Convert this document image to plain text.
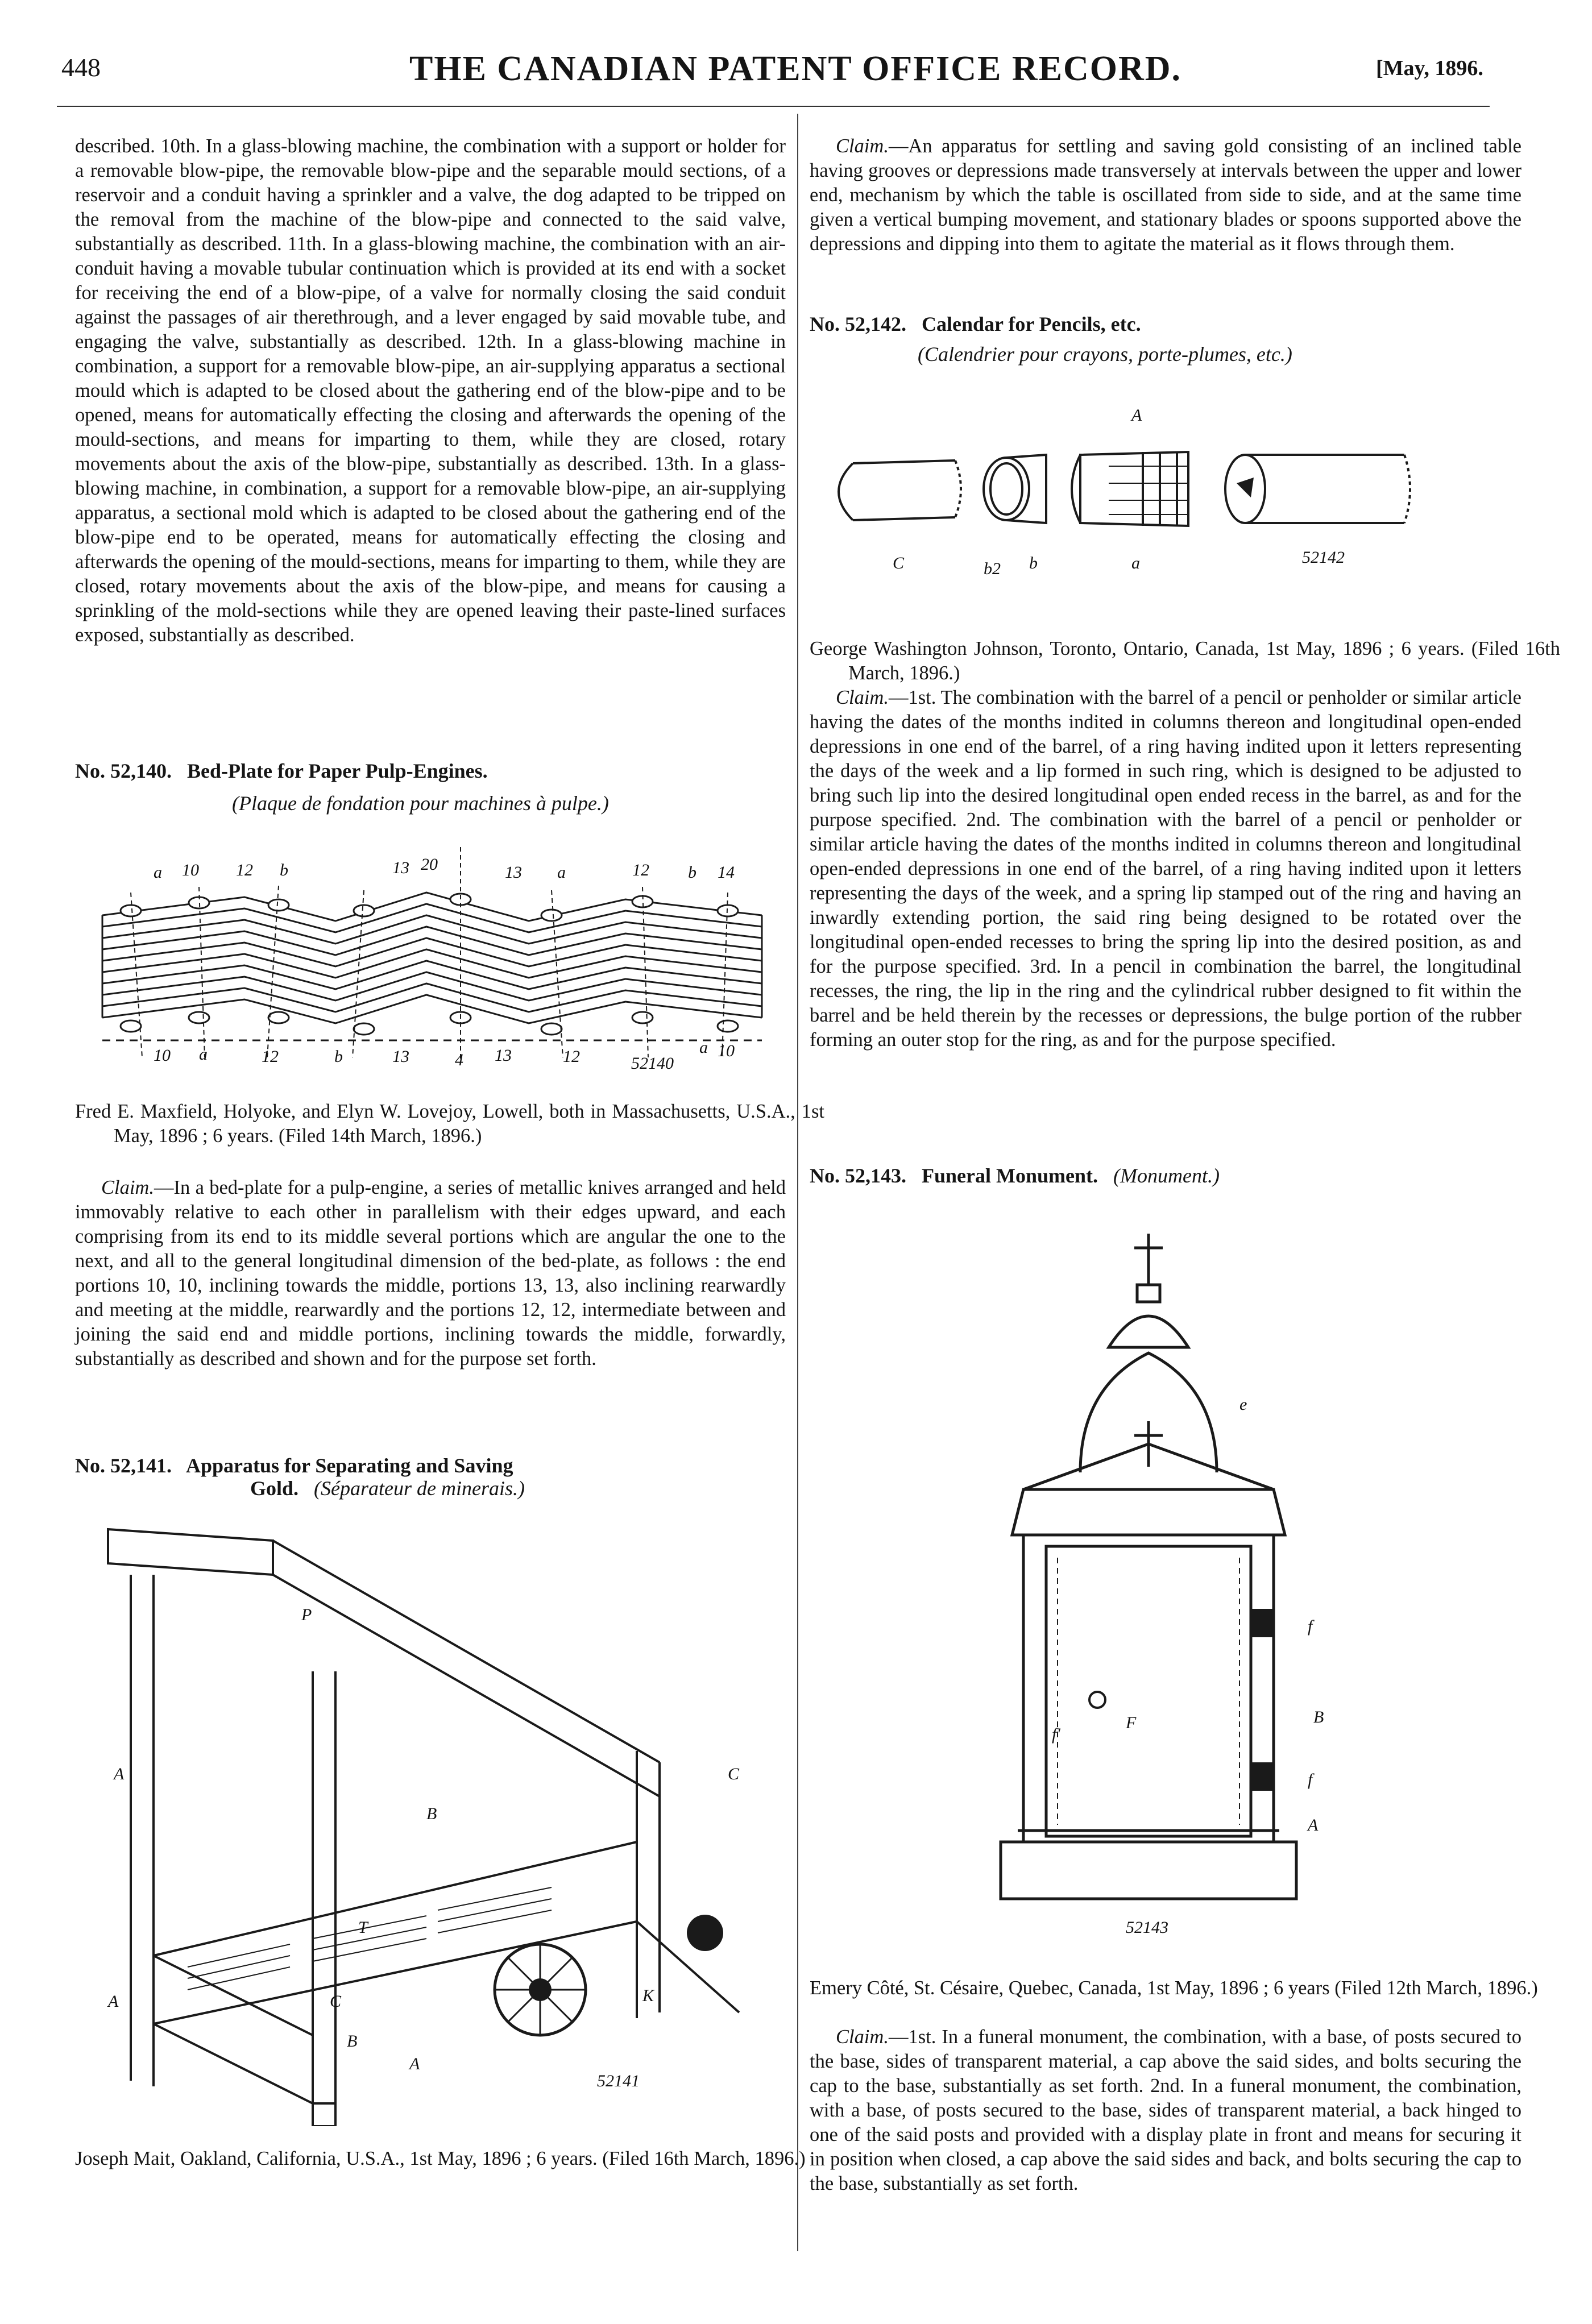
448	THE CANADIAN PATENT OFFICE RECORD.	[May, 1896.

described. 10th. In a glass-blowing machine, the combination with a support or holder for a removable blow-pipe, the removable blow-pipe and the separable mould sections, of a reservoir and a conduit having a sprinkler and a valve, the dog adapted to be tripped on the removal from the machine of the blow-pipe and connected to the said valve, substantially as described. 11th. In a glass-blowing machine, the combination with an air-conduit having a movable tubular continuation which is provided at its end with a socket for receiving the end of a blow-pipe, of a valve for normally closing the said conduit against the passages of air therethrough, and a lever engaged by said movable tube, and engaging the valve, substantially as described. 12th. In a glass-blowing machine in combination, a support for a removable blow-pipe, an air-supplying apparatus a sectional mould which is adapted to be closed about the gathering end of the blow-pipe and to be opened, means for automatically effecting the closing and afterwards the opening of the mould-sections, and means for imparting to them, while they are closed, rotary movements about the axis of the blow-pipe, substantially as described. 13th. In a glass-blowing machine, in combination, a support for a removable blow-pipe, an air-supplying apparatus, a sectional mold which is adapted to be closed about the gathering end of the blow-pipe end to be operated, means for automatically effecting the closing and afterwards the opening of the mould-sections, means for imparting to them, while they are closed, rotary movements about the axis of the blow-pipe, and means for causing a sprinkling of the mold-sections while they are opened leaving their paste-lined surfaces exposed, substantially as described.

No. 52,140. Bed-Plate for Paper Pulp-Engines.
(Plaque de fondation pour machines à pulpe.)
a 10 12 b	13 20	13 a	12 b 14
10 a	12	b	13	4 13	12	a 10
52140

Fred E. Maxfield, Holyoke, and Elyn W. Lovejoy, Lowell, both in Massachusetts, U.S.A., 1st May, 1896 ; 6 years. (Filed 14th March, 1896.)

Claim.—In a bed-plate for a pulp-engine, a series of metallic knives arranged and held immovably relative to each other in parallelism with their edges upward, and each comprising from its end to its middle several portions which are angular the one to the next, and all to the general longitudinal dimension of the bed-plate, as follows : the end portions 10, 10, inclining towards the middle, portions 13, 13, also inclining rearwardly and meeting at the middle, rearwardly and the portions 12, 12, intermediate between and joining the said end and middle portions, inclining towards the middle, forwardly, substantially as described and shown and for the purpose set forth.

No. 52,141. Apparatus for Separating and Saving
Gold. (Séparateur de minerais.)
P
A	C
B
T
C
A	K
B
A
52141

Joseph Mait, Oakland, California, U.S.A., 1st May, 1896 ; 6 years. (Filed 16th March, 1896.)

Claim.—An apparatus for settling and saving gold consisting of an inclined table having grooves or depressions made transversely at intervals between the upper and lower end, mechanism by which the table is oscillated from side to side, and at the same time given a vertical bumping movement, and stationary blades or spoons supported above the depressions and dipping into them to agitate the material as it flows through them.

No. 52,142. Calendar for Pencils, etc.
(Calendrier pour crayons, porte-plumes, etc.)
A
C	b2 b	a	52142

George Washington Johnson, Toronto, Ontario, Canada, 1st May, 1896 ; 6 years. (Filed 16th March, 1896.)

Claim.—1st. The combination with the barrel of a pencil or penholder or similar article having the dates of the months indited in columns thereon and longitudinal open-ended depressions in one end of the barrel, of a ring having indited upon it letters representing the days of the week and a lip formed in such ring, which is designed to be adjusted to bring such lip into the desired longitudinal open ended recess in the barrel, as and for the purpose specified. 2nd. The combination with the barrel of a pencil or penholder or similar article having the dates of the months indited in columns thereon and longitudinal open-ended depressions in one end of the barrel, of a ring having indited upon it letters representing the days of the week, and a spring lip stamped out of the ring and having an inwardly extending portion, the said ring being designed to be rotated over the longitudinal open-ended recesses to bring the spring lip into the desired position, as and for the purpose specified. 3rd. In a pencil in combination the barrel, the longitudinal recesses, the ring, the lip in the ring and the cylindrical rubber designed to fit within the barrel and be held therein by the recesses or depressions, the bulge portion of the rubber forming an outer stop for the ring, as and for the purpose specified.

No. 52,143. Funeral Monument. (Monument.)
e
f
B
f'
F
f
A
52143

Emery Côté, St. Césaire, Quebec, Canada, 1st May, 1896 ; 6 years (Filed 12th March, 1896.)

Claim.—1st. In a funeral monument, the combination, with a base, of posts secured to the base, sides of transparent material, a cap above the said sides, and bolts securing the cap to the base, substantially as set forth. 2nd. In a funeral monument, the combination, with a base, of posts secured to the base, sides of transparent material, a back hinged to one of the said posts and provided with a display plate in front and means for securing it in position when closed, a cap above the said sides and back, and bolts securing the cap to the base, substantially as set forth.
